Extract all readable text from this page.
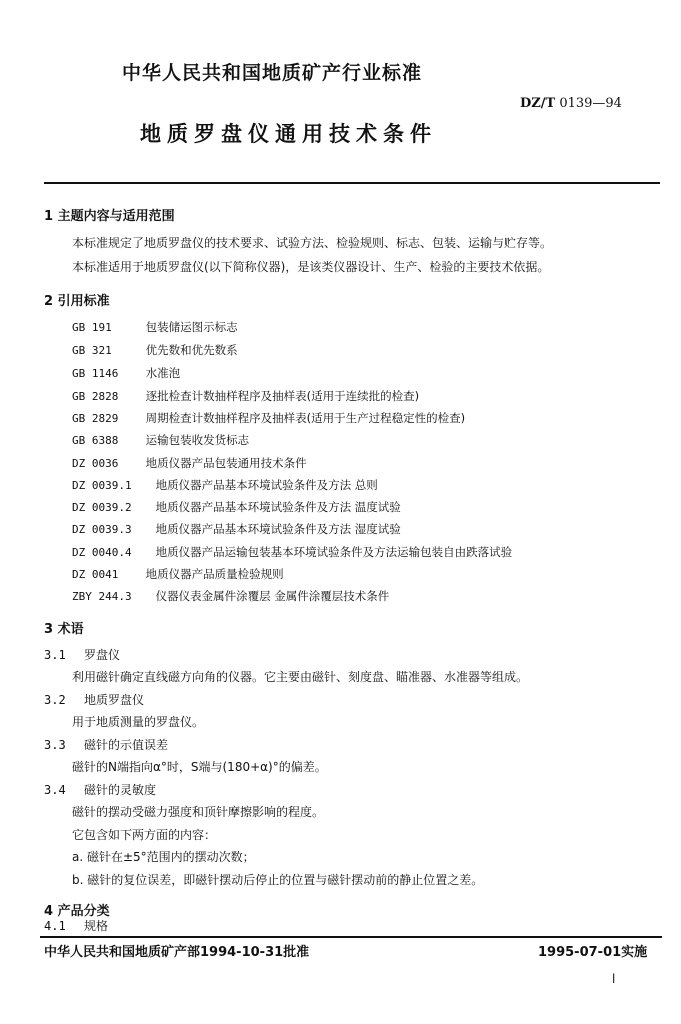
中华人民共和国地质矿产行业标准
DZ/T 0139—94
地质罗盘仪通用技术条件
1 主题内容与适用范围
本标准规定了地质罗盘仪的技术要求、试验方法、检验规则、标志、包装、运输与贮存等。
本标准适用于地质罗盘仪(以下简称仪器)，是该类仪器设计、生产、检验的主要技术依据。
2 引用标准
GB 191	包装储运图示标志
GB 321	优先数和优先数系
GB 1146 水准泡
GB 2828 逐批检查计数抽样程序及抽样表(适用于连续批的检查)
GB 2829 周期检查计数抽样程序及抽样表(适用于生产过程稳定性的检查)
GB 6388 运输包装收发货标志
DZ 0036 地质仪器产品包装通用技术条件
DZ 0039.1 地质仪器产品基本环境试验条件及方法 总则
DZ 0039.2 地质仪器产品基本环境试验条件及方法 温度试验
DZ 0039.3 地质仪器产品基本环境试验条件及方法 湿度试验
DZ 0040.4 地质仪器产品运输包装基本环境试验条件及方法运输包装自由跌落试验
DZ 0041 地质仪器产品质量检验规则
ZBY 244.3 仪器仪表金属件涂覆层 金属件涂覆层技术条件
3 术语
3.1 罗盘仪
利用磁针确定直线磁方向角的仪器。它主要由磁针、刻度盘、瞄准器、水准器等组成。
3.2 地质罗盘仪
用于地质测量的罗盘仪。
3.3 磁针的示值误差
磁针的N端指向α°时，S端与(180+α)°的偏差。
3.4 磁针的灵敏度
磁针的摆动受磁力强度和顶针摩擦影响的程度。
它包含如下两方面的内容：
a. 磁针在±5°范围内的摆动次数；
b. 磁针的复位误差，即磁针摆动后停止的位置与磁针摆动前的静止位置之差。
4 产品分类
4.1 规格
中华人民共和国地质矿产部1994-10-31批准	1995-07-01实施
l
